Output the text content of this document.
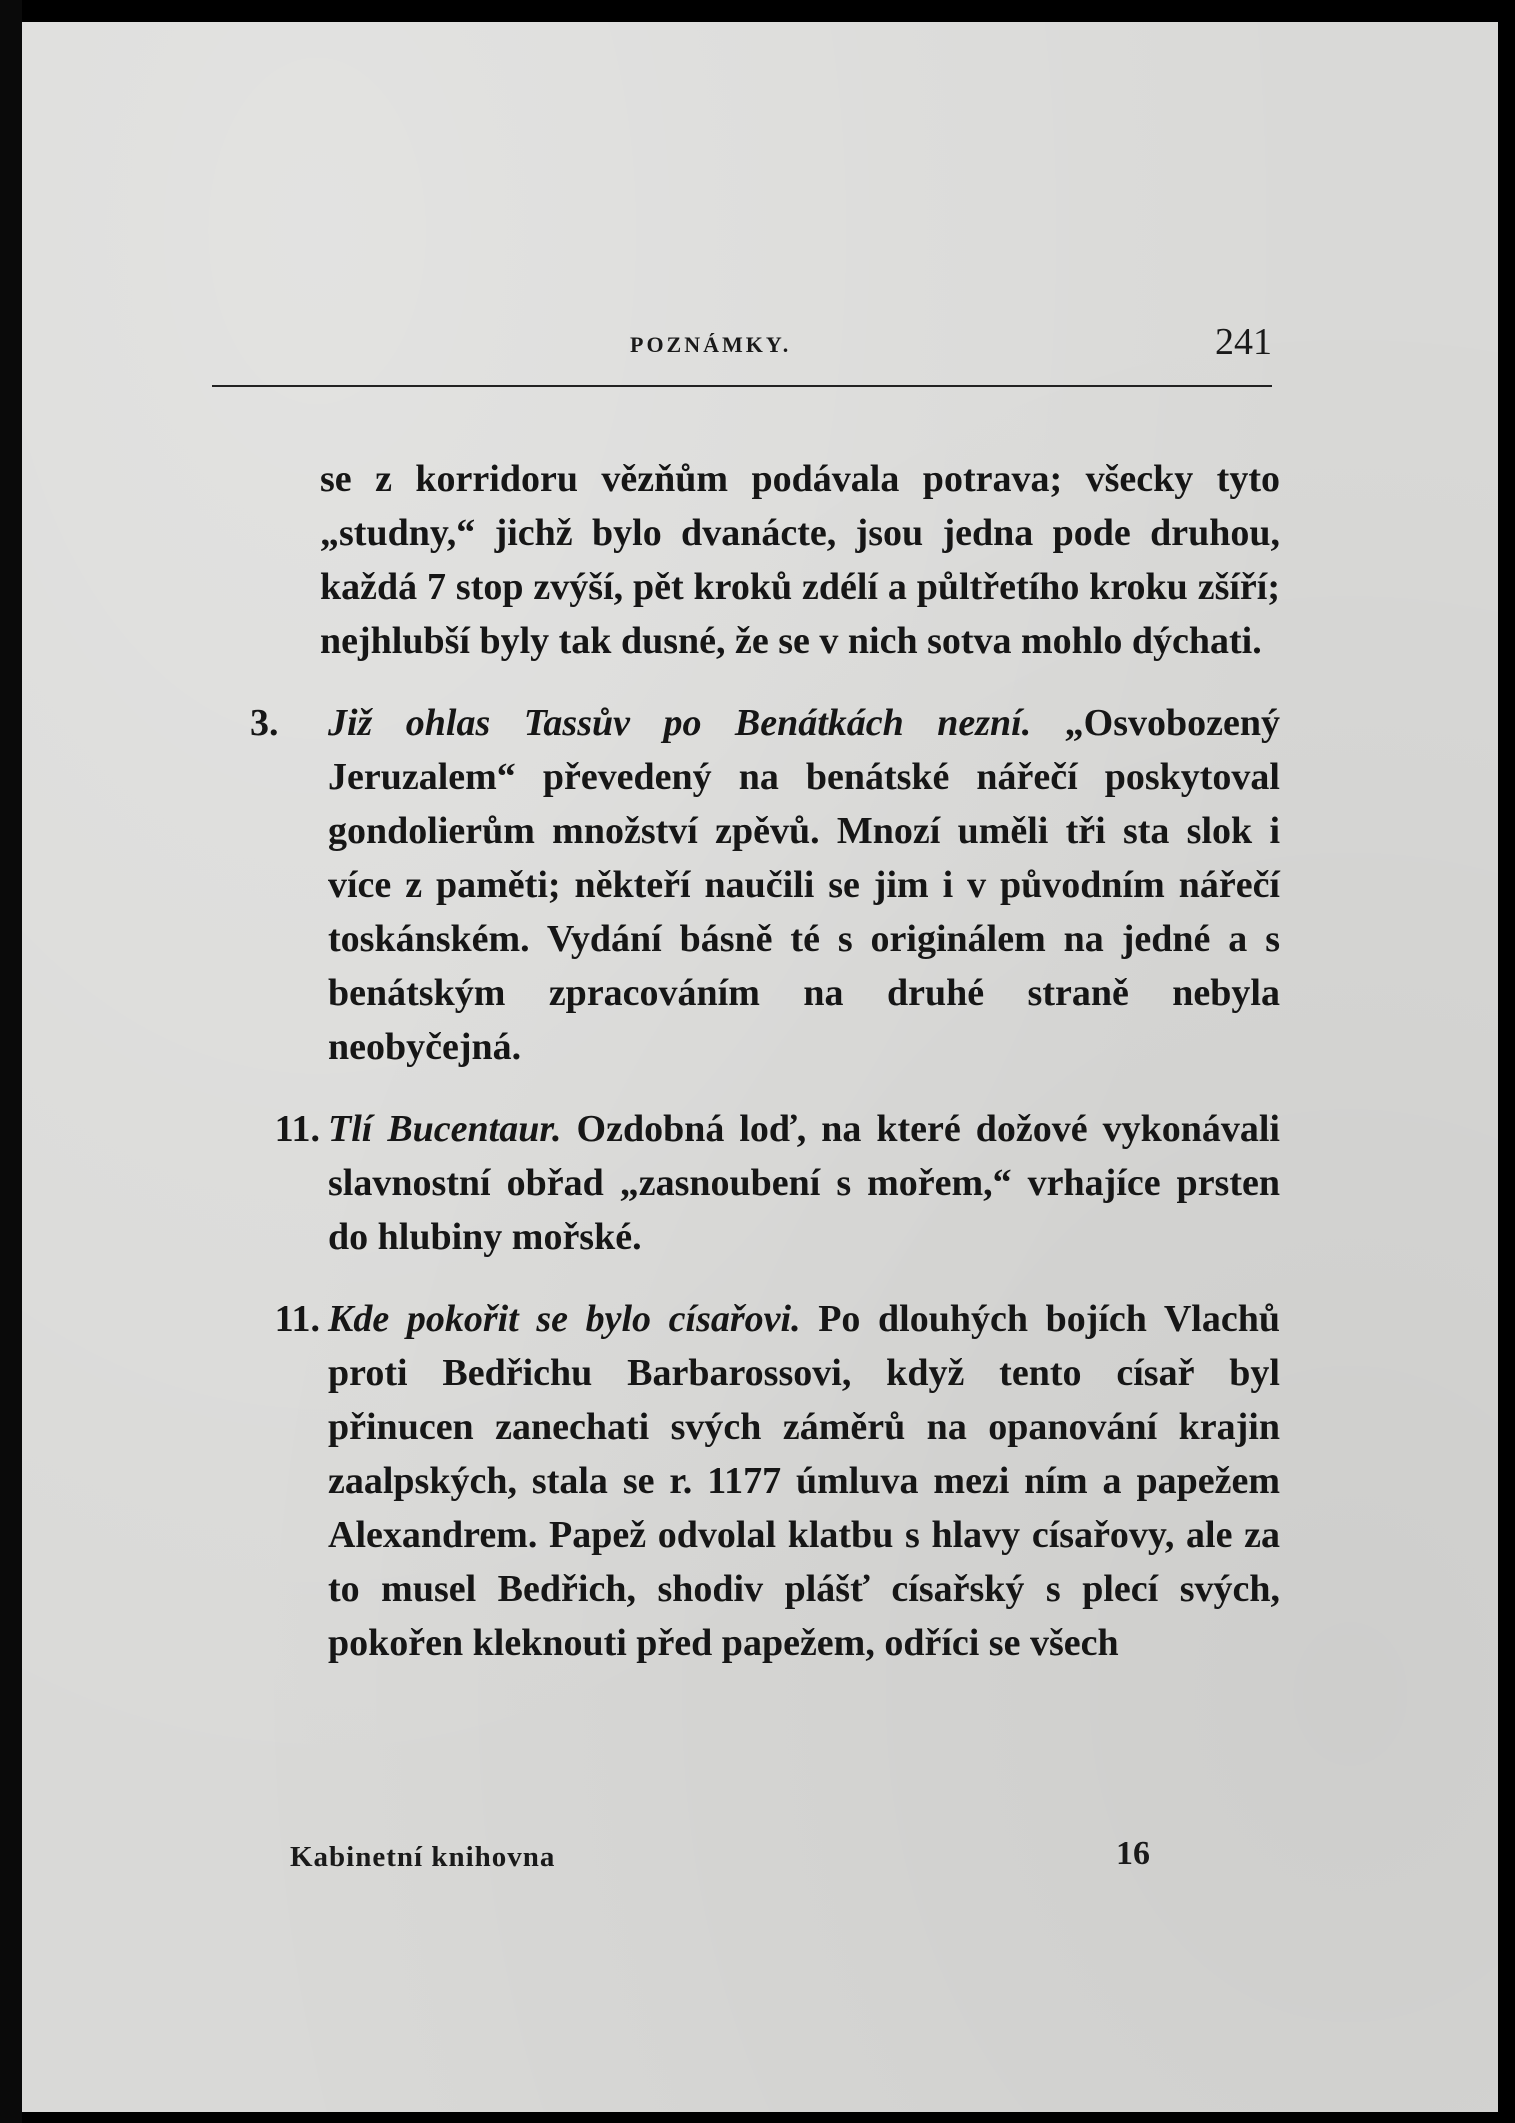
POZNÁMKY.	241

se z korridoru vězňům podávala potrava; všecky tyto „studny,“ jichž bylo dvanácte, jsou jedna pode druhou, každá 7 stop zvýší, pět kroků zdélí a půltřetího kroku zšíří; nejhlubší byly tak dusné, že se v nich sotva mohlo dýchati.

3.	Již ohlas Tassův po Benátkách nezní. „Osvobozený Jeruzalem“ převedený na benátské nářečí poskytoval gondolierům množství zpěvů. Mnozí uměli tři sta slok i více z paměti; někteří naučili se jim i v původním nářečí toskánském. Vydání básně té s originálem na jedné a s benátským zpracováním na druhé straně nebyla neobyčejná.
11. Tlí Bucentaur. Ozdobná loď, na které dožové vykonávali slavnostní obřad „zasnoubení s mořem,“ vrhajíce prsten do hlubiny mořské.
11. Kde pokořit se bylo císařovi. Po dlouhých bojích Vlachů proti Bedřichu Barbarossovi, když tento císař byl přinucen zanechati svých záměrů na opanování krajin zaalpských, stala se r. 1177 úmluva mezi ním a papežem Alexandrem. Papež odvolal klatbu s hlavy císařovy, ale za to musel Bedřich, shodiv plášť císařský s plecí svých, pokořen kleknouti před papežem, odříci se všech
Kabinetní knihovna	16
